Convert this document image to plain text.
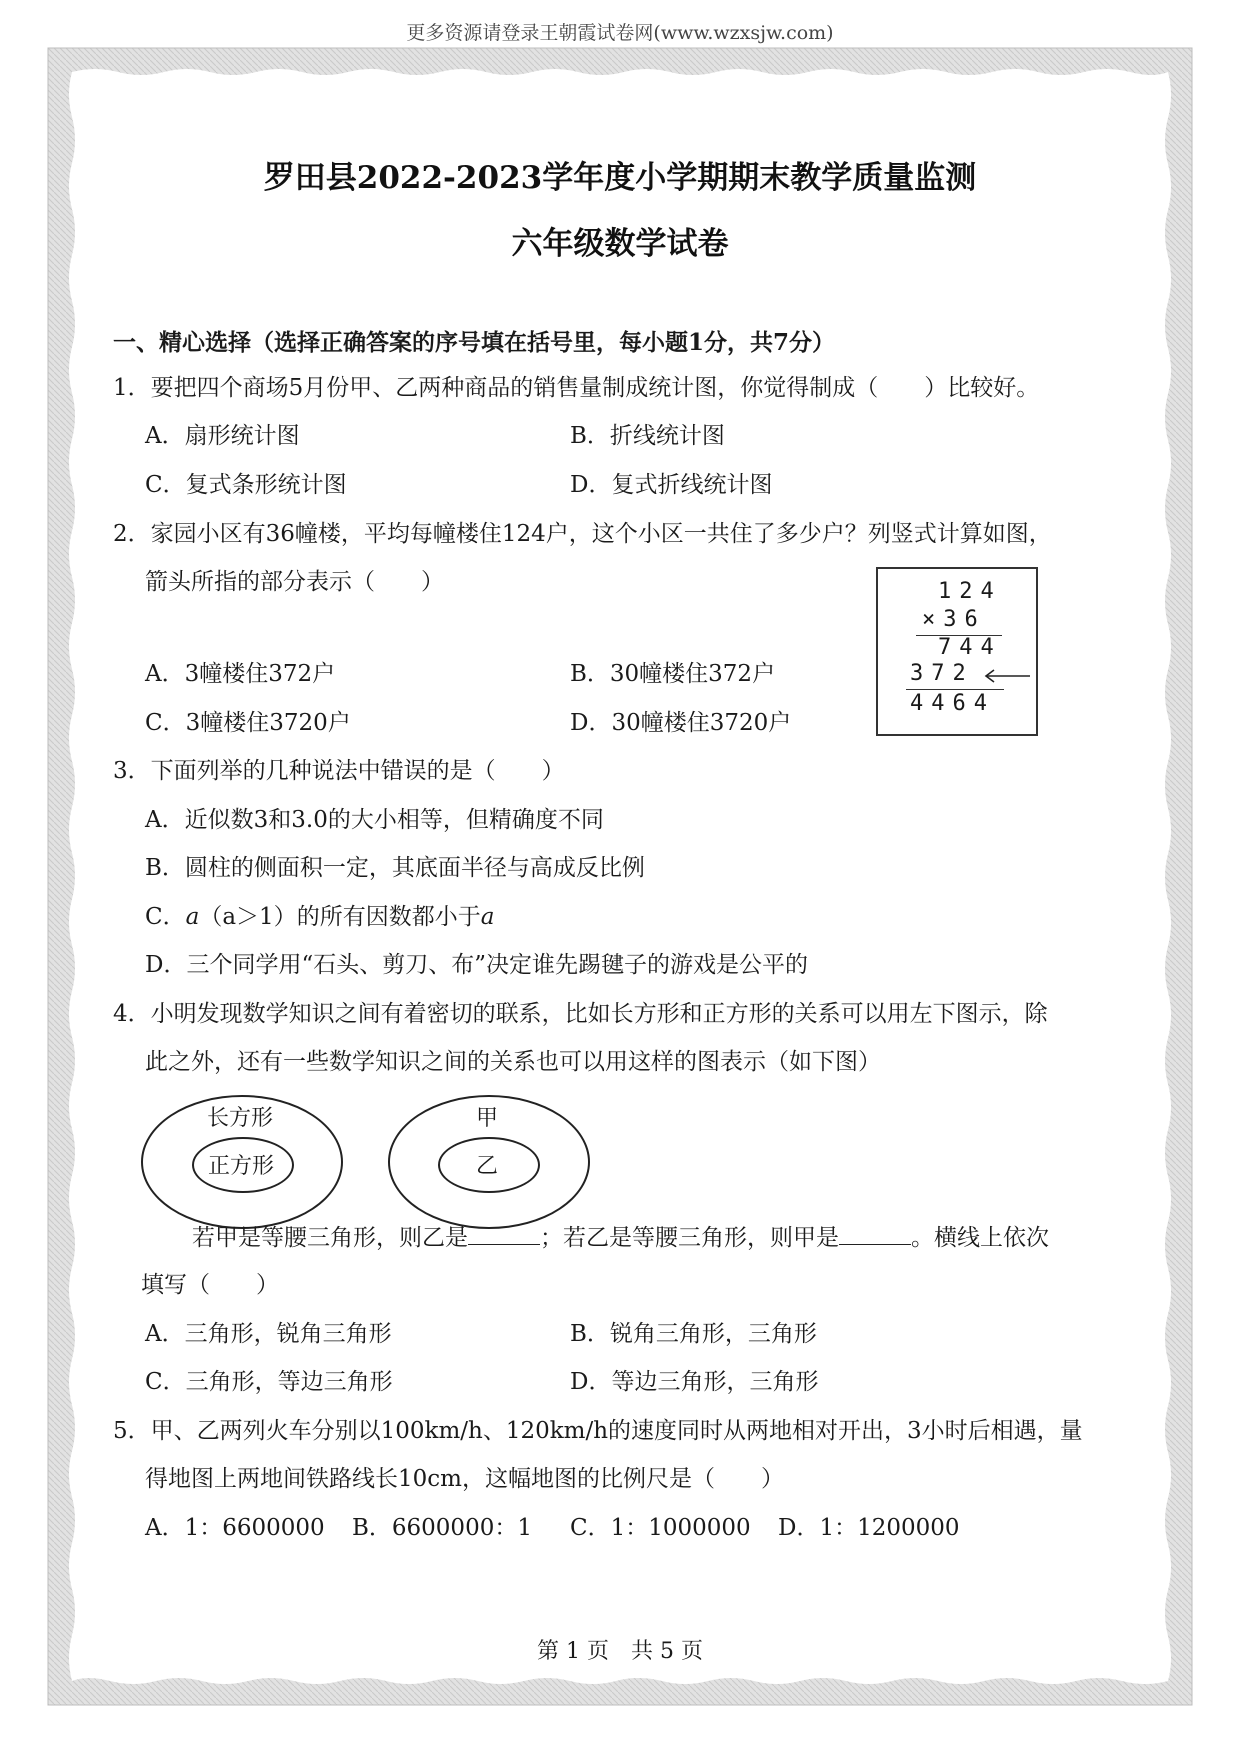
更多资源请登录王朝霞试卷网(www.wzxsjw.com)
罗田县2022-2023学年度小学期期末教学质量监测
六年级数学试卷
一、精心选择（选择正确答案的序号填在括号里，每小题1分，共7分）
1．要把四个商场5月份甲、乙两种商品的销售量制成统计图，你觉得制成（　　）比较好。
A．扇形统计图	B．折线统计图
C．复式条形统计图	D．复式折线统计图
2．家园小区有36幢楼，平均每幢楼住124户，这个小区一共住了多少户？列竖式计算如图，
箭头所指的部分表示（　　）
A．3幢楼住372户	B．30幢楼住372户
C．3幢楼住3720户	D．30幢楼住3720户
124
×36
744
372
4464
3．下面列举的几种说法中错误的是（　　）
A．近似数3和3.0的大小相等，但精确度不同
B．圆柱的侧面积一定，其底面半径与高成反比例
C．a（a＞1）的所有因数都小于a
D．三个同学用“石头、剪刀、布”决定谁先踢毽子的游戏是公平的
4．小明发现数学知识之间有着密切的联系，比如长方形和正方形的关系可以用左下图示，除
此之外，还有一些数学知识之间的关系也可以用这样的图表示（如下图）
长方形
正方形
甲
乙
若甲是等腰三角形，则乙是	；若乙是等腰三角形，则甲是	。横线上依次
填写（　　）
A．三角形，锐角三角形	B．锐角三角形，三角形
C．三角形，等边三角形	D．等边三角形，三角形
5．甲、乙两列火车分别以100km/h、120km/h的速度同时从两地相对开出，3小时后相遇，量
得地图上两地间铁路线长10cm，这幅地图的比例尺是（　　）
A．1：6600000 B．6600000：1 C．1：1000000 D．1：1200000
第 1 页　共 5 页
